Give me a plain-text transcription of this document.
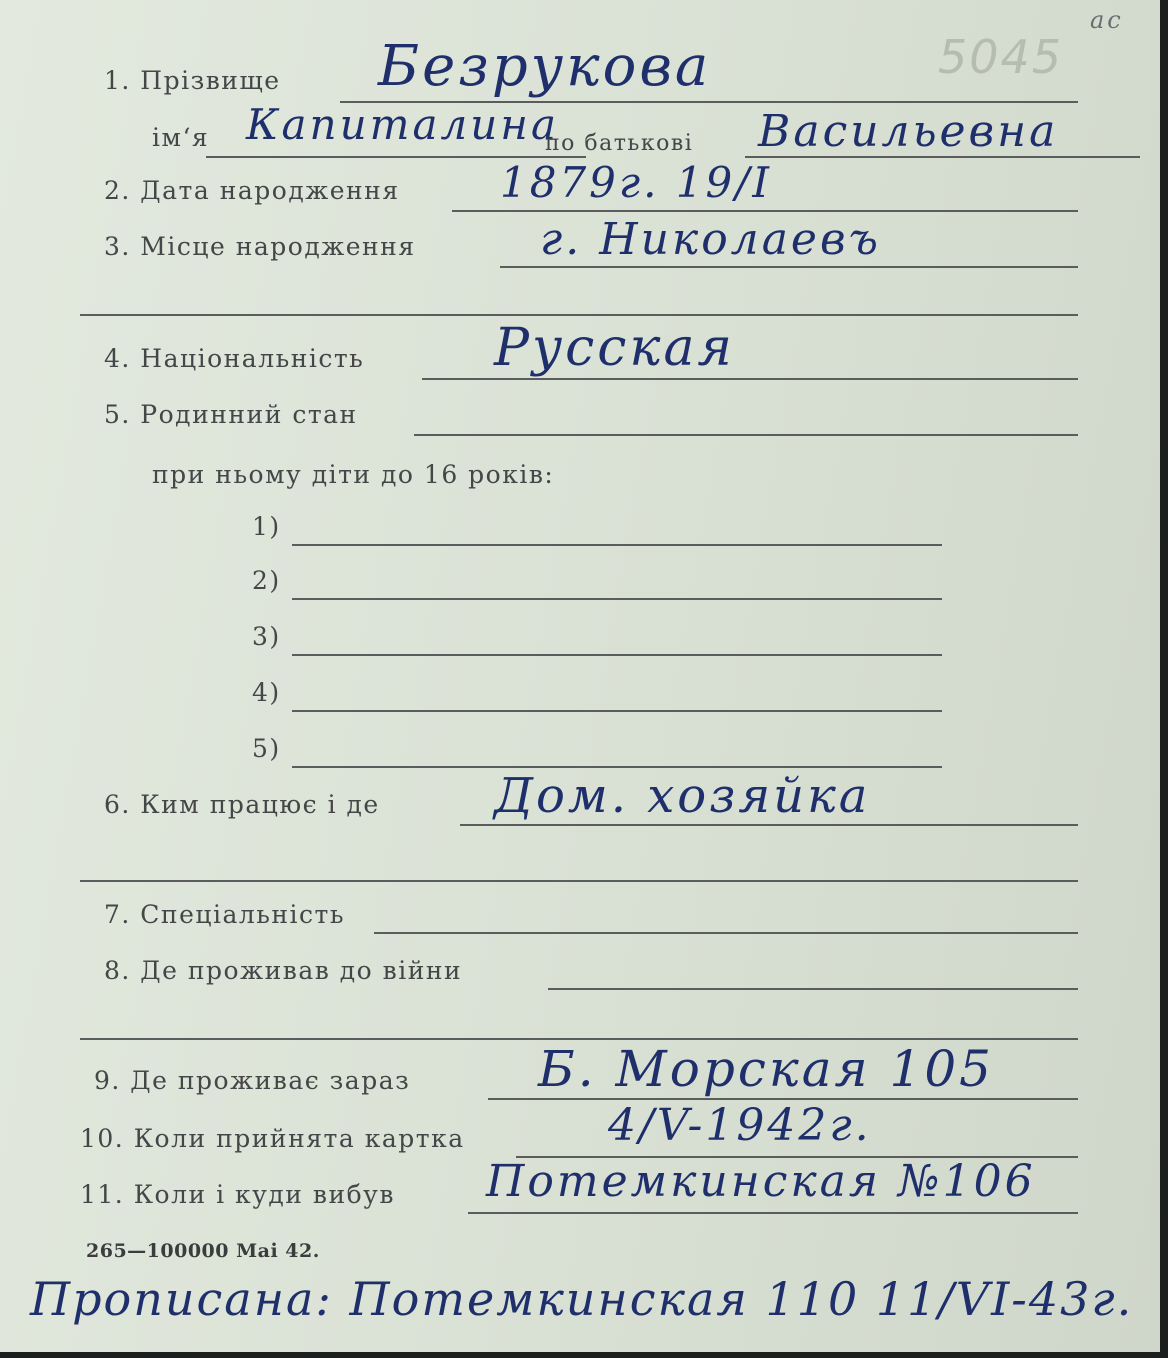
5045
ac
1. Прізвище Безрукова
ім‘я Капиталина
по батькові Васильевна
2. Дата народження 1879г. 19/I
3. Місце народження	г. Николаевъ
4. Національність Русская
5. Родинний стан
при ньому діти до 16 років:
1)
2)
3)
4)
5)
6. Ким працює і де Дом. хозяйка
7. Спеціальність
8. Де проживав до війни
9. Де проживає зараз	Б. Морская 105
10. Коли прийнята картка	4/V-1942г.
11. Коли і куди вибув Потемкинская №106
265—100000 Mai 42.
Прописана: Потемкинская 110 11/VI-43г.
